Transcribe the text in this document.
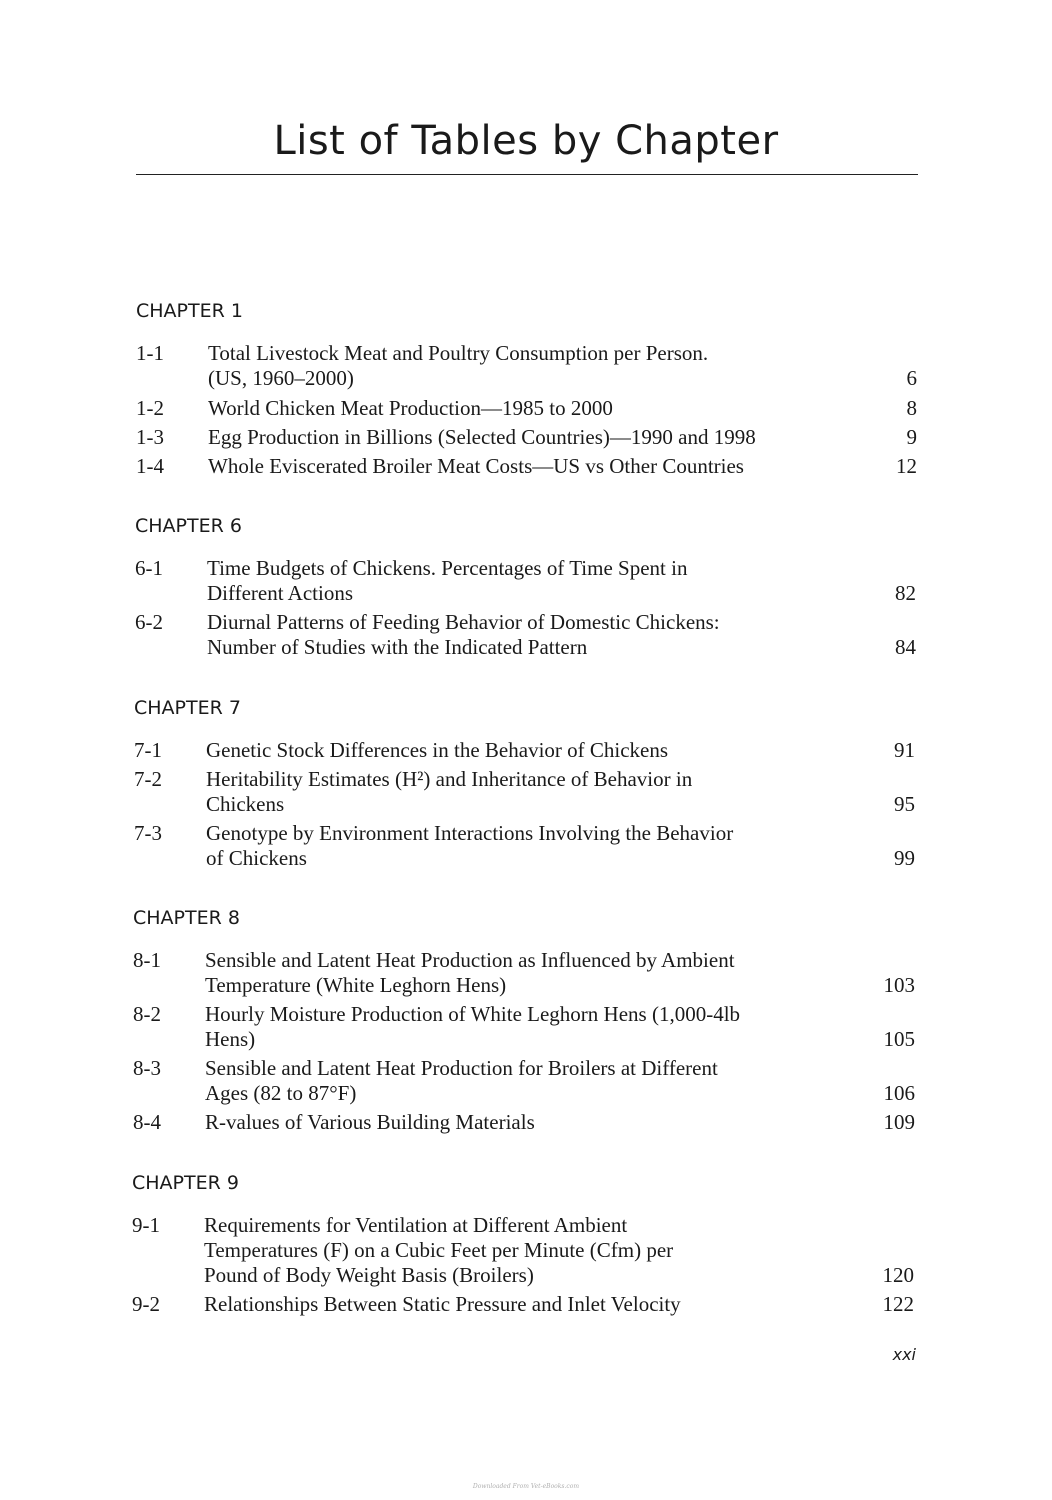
List of Tables by Chapter
CHAPTER 1
1-1 Total Livestock Meat and Poultry Consumption per Person.
(US, 1960–2000)	6
1-2 World Chicken Meat Production—1985 to 2000	8
1-3 Egg Production in Billions (Selected Countries)—1990 and 1998	9
1-4 Whole Eviscerated Broiler Meat Costs—US vs Other Countries	12
CHAPTER 6
6-1 Time Budgets of Chickens. Percentages of Time Spent in
Different Actions	82
6-2 Diurnal Patterns of Feeding Behavior of Domestic Chickens:
Number of Studies with the Indicated Pattern	84
CHAPTER 7
7-1 Genetic Stock Differences in the Behavior of Chickens	91
7-2 Heritability Estimates (H²) and Inheritance of Behavior in
Chickens	95
7-3 Genotype by Environment Interactions Involving the Behavior
of Chickens	99
CHAPTER 8
8-1 Sensible and Latent Heat Production as Influenced by Ambient
Temperature (White Leghorn Hens)	103
8-2 Hourly Moisture Production of White Leghorn Hens (1,000-4lb
Hens)	105
8-3 Sensible and Latent Heat Production for Broilers at Different
Ages (82 to 87°F)	106
8-4 R-values of Various Building Materials	109
CHAPTER 9
9-1 Requirements for Ventilation at Different Ambient
Temperatures (F) on a Cubic Feet per Minute (Cfm) per
Pound of Body Weight Basis (Broilers)	120
9-2 Relationships Between Static Pressure and Inlet Velocity	122
xxi
Downloaded From Vet-eBooks.com
